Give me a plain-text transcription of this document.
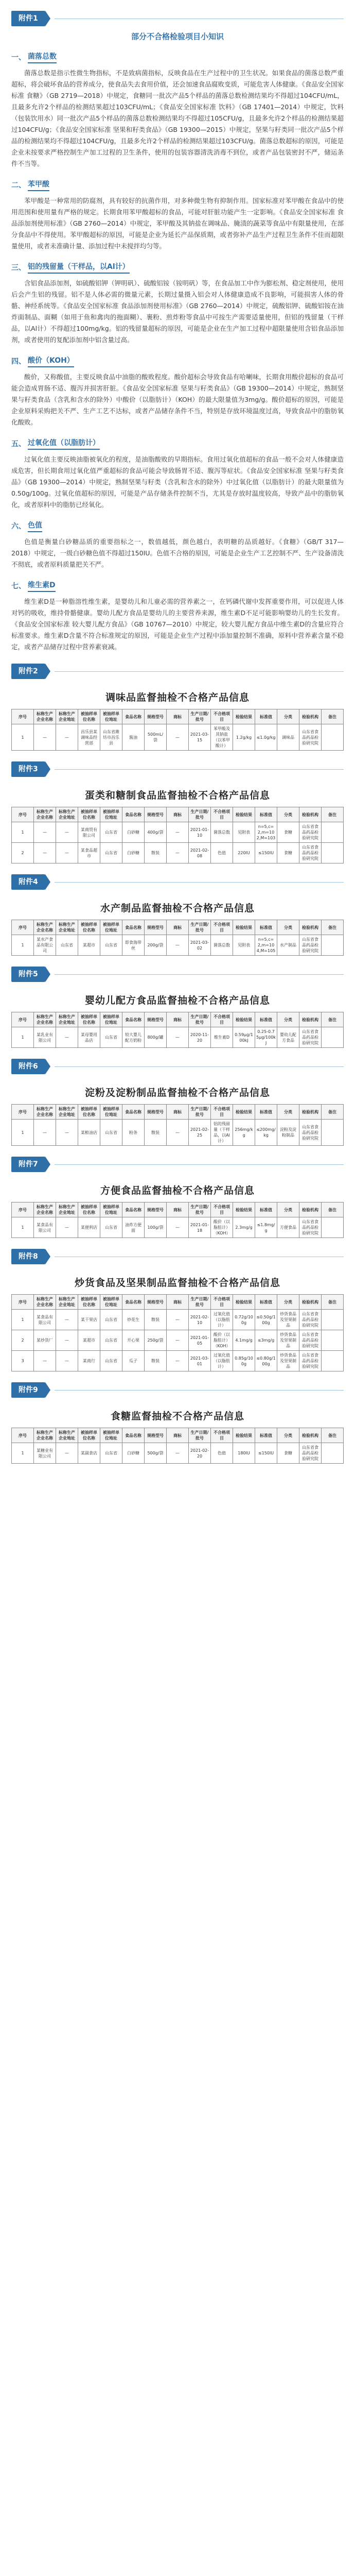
附件1
部分不合格检验项目小知识
一、 菌落总数

菌落总数是指示性微生物指标，不是致病菌指标，反映食品在生产过程中的卫生状况。如果食品的菌落总数严重超标，将会破坏食品的营养成分，使食品失去食用价值，还会加速食品腐败变质，可能危害人体健康。《食品安全国家标准 食糖》（GB 2719—2018）中规定，食糖同一批次产品5个样品的菌落总数检测结果均不得超过104CFU/mL，且最多允许2个样品的检测结果超过103CFU/mL；《食品安全国家标准 饮料》（GB 17401—2014）中规定，饮料（包装饮用水）同一批次产品5个样品的菌落总数检测结果均不得超过105CFU/g，且最多允许2个样品的检测结果超过104CFU/g；《食品安全国家标准 坚果和籽类食品》（GB 19300—2015）中规定，坚果与籽类同一批次产品5个样品的检测结果均不得超过104CFU/g，且最多允许2个样品的检测结果超过103CFU/g。菌落总数超标的原因，可能是企业未按要求严格控制生产加工过程的卫生条件，使用的包装容器清洗消毒不到位，或者产品包装密封不严，储运条件不当等。

二、 苯甲酸

苯甲酸是一种常用的防腐剂，具有较好的抗菌作用，对多种微生物有抑制作用。国家标准对苯甲酸在食品中的使用范围和使用量有严格的规定。长期食用苯甲酸超标的食品，可能对肝脏功能产生一定影响。《食品安全国家标准 食品添加剂使用标准》（GB 2760—2014）中规定，苯甲酸及其钠盐在调味品、腌渍的蔬菜等食品中有限量使用，在部分食品中不得使用。苯甲酸超标的原因，可能是企业为延长产品保质期，或者弥补产品生产过程卫生条件不佳而超限量使用，或者未准确计量、添加过程中未搅拌均匀等。

三、 铝的残留量（干样品，以Al计）

含铝食品添加剂，如硫酸铝钾（钾明矾）、硫酸铝铵（铵明矾）等，在食品加工中作为膨松剂、稳定剂使用，使用后会产生铝的残留。铝不是人体必需的微量元素，长期过量摄入铝会对人体健康造成不良影响，可能损害人体的骨骼、神经系统等。《食品安全国家标准 食品添加剂使用标准》（GB 2760—2014）中规定，硫酸铝钾、硫酸铝铵在油炸面制品、面糊（如用于鱼和禽肉的拖面糊）、裹粉、煎炸粉等食品中可按生产需要适量使用，但铝的残留量（干样品，以Al计）不得超过100mg/kg。铝的残留量超标的原因，可能是企业在生产加工过程中超限量使用含铝食品添加剂，或者使用的复配添加剂中铝含量过高。

四、 酸价（KOH）

酸价，又称酸值，主要反映食品中油脂的酸败程度。酸价超标会导致食品有哈喇味，长期食用酸价超标的食品可能会造成胃肠不适、腹泻并损害肝脏。《食品安全国家标准 坚果与籽类食品》（GB 19300—2014）中规定，熟制坚果与籽类食品（含乳和含水的除外）中酸价（以脂肪计）（KOH）的最大限量值为3mg/g。酸价超标的原因，可能是企业原料采购把关不严、生产工艺不达标，或者产品储存条件不当，特别是存放环境温度过高，导致食品中的脂肪氧化酸败。

五、 过氧化值（以脂肪计）

过氧化值主要反映油脂被氧化的程度，是油脂酸败的早期指标。食用过氧化值超标的食品一般不会对人体健康造成危害，但长期食用过氧化值严重超标的食品可能会导致肠胃不适、腹泻等症状。《食品安全国家标准 坚果与籽类食品》（GB 19300—2014）中规定，熟制坚果与籽类（含乳和含水的除外）中过氧化值（以脂肪计）的最大限量值为0.50g/100g。过氧化值超标的原因，可能是产品存储条件控制不当，尤其是存放时温度较高，导致产品中的脂肪氧化，或者原料中的脂肪已经氧化。

六、 色值

色值是衡量白砂糖品质的重要指标之一，数值越低，颜色越白，表明糖的品质越好。《食糖》（GB/T 317—2018）中规定，一级白砂糖色值不得超过150IU。色值不合格的原因，可能是企业生产工艺控制不严、生产设备清洗不彻底，或者原料质量把关不严。

七、 维生素D

维生素D是一种脂溶性维生素，是婴幼儿和儿童必需的营养素之一，在钙磷代谢中发挥重要作用，可以促进人体对钙的吸收，维持骨骼健康。婴幼儿配方食品是婴幼儿的主要营养来源，维生素D不足可能影响婴幼儿的生长发育。《食品安全国家标准 较大婴儿配方食品》（GB 10767—2010）中规定，较大婴儿配方食品中维生素D的含量应符合标准要求。维生素D含量不符合标准规定的原因，可能是企业生产过程中添加量控制不准确，原料中营养素含量不稳定，或者产品储存过程中营养素衰减。

附件2
调味品监督抽检不合格产品信息
序号	标称生产企业名称	标称生产企业地址	被抽样单位名称	被抽样单位地址	食品名称	规格型号	商标	生产日期/批号	不合格项目	检验结果	标准值	分类	检验机构	备注
1	—	—	昌乐县某调味品经营部	山东省潍坊市昌乐县	酱油	500mL/袋	—	2021-03-15	苯甲酸及其钠盐（以苯甲酸计）	1.2g/kg	≤1.0g/kg	调味品	山东省食品药品检验研究院	
附件3
蛋类和糖制食品监督抽检不合格产品信息
序号	标称生产企业名称	标称生产企业地址	被抽样单位名称	被抽样单位地址	食品名称	规格型号	商标	生产日期/批号	不合格项目	检验结果	标准值	分类	检验机构	备注
1	—	—	某商贸有限公司	山东省	白砂糖	400g/袋	—	2021-01-10	菌落总数	见附表	n=5,c=2,m=102,M=103	食糖	山东省食品药品检验研究院	
2	—	—	某食品超市	山东省	白砂糖	散装	—	2021-02-08	色值	220IU	≤150IU	食糖	山东省食品药品检验研究院	
附件4
水产制品监督抽检不合格产品信息
序号	标称生产企业名称	标称生产企业地址	被抽样单位名称	被抽样单位地址	食品名称	规格型号	商标	生产日期/批号	不合格项目	检验结果	标准值	分类	检验机构	备注
1	某水产食品有限公司	山东省	某超市	山东省	即食海带丝	200g/袋	—	2021-03-02	菌落总数	见附表	n=5,c=2,m=104,M=105	水产制品	山东省食品药品检验研究院	
附件5
婴幼儿配方食品监督抽检不合格产品信息
序号	标称生产企业名称	标称生产企业地址	被抽样单位名称	被抽样单位地址	食品名称	规格型号	商标	生产日期/批号	不合格项目	检验结果	标准值	分类	检验机构	备注
1	某乳业有限公司	—	某母婴用品店	山东省	较大婴儿配方奶粉	800g/罐	—	2020-11-20	维生素D	0.59μg/100kJ	0.25-0.75μg/100kJ	婴幼儿配方食品	山东省食品药品检验研究院	
附件6
淀粉及淀粉制品监督抽检不合格产品信息
序号	标称生产企业名称	标称生产企业地址	被抽样单位名称	被抽样单位地址	食品名称	规格型号	商标	生产日期/批号	不合格项目	检验结果	标准值	分类	检验机构	备注
1	—	—	某粮油店	山东省	粉条	散装	—	2021-02-25	铝的残留量（干样品，以Al计）	256mg/kg	≤200mg/kg	淀粉及淀粉制品	山东省食品药品检验研究院	
附件7
方便食品监督抽检不合格产品信息
序号	标称生产企业名称	标称生产企业地址	被抽样单位名称	被抽样单位地址	食品名称	规格型号	商标	生产日期/批号	不合格项目	检验结果	标准值	分类	检验机构	备注
1	某食品有限公司	—	某便利店	山东省	油炸方便面	100g/袋	—	2021-01-18	酸价（以脂肪计）（KOH）	2.3mg/g	≤1.8mg/g	方便食品	山东省食品药品检验研究院	
附件8
炒货食品及坚果制品监督抽检不合格产品信息
序号	标称生产企业名称	标称生产企业地址	被抽样单位名称	被抽样单位地址	食品名称	规格型号	商标	生产日期/批号	不合格项目	检验结果	标准值	分类	检验机构	备注
1	某食品有限公司	—	某干果店	山东省	炒花生	散装	—	2021-02-10	过氧化值（以脂肪计）	0.72g/100g	≤0.50g/100g	炒货食品及坚果制品	山东省食品药品检验研究院	
2	某炒货厂	—	某超市	山东省	开心果	250g/袋	—	2021-01-05	酸价（以脂肪计）（KOH）	4.1mg/g	≤3mg/g	炒货食品及坚果制品	山东省食品药品检验研究院	
3	—	—	某商行	山东省	瓜子	散装	—	2021-03-01	过氧化值（以脂肪计）	0.85g/100g	≤0.80g/100g	炒货食品及坚果制品	山东省食品药品检验研究院	
附件9
食糖监督抽检不合格产品信息
序号	标称生产企业名称	标称生产企业地址	被抽样单位名称	被抽样单位地址	食品名称	规格型号	商标	生产日期/批号	不合格项目	检验结果	标准值	分类	检验机构	备注
1	某糖业有限公司	—	某副食店	山东省	白砂糖	500g/袋	—	2021-02-20	色值	180IU	≤150IU	食糖	山东省食品药品检验研究院	
